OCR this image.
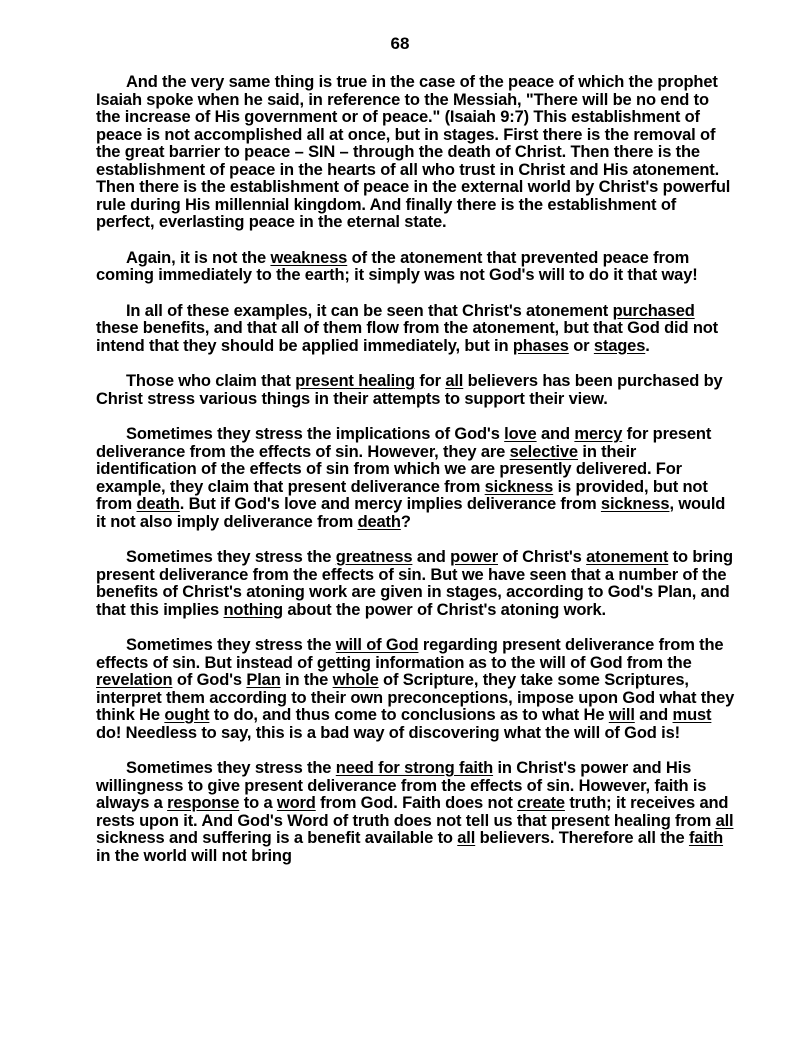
68

And the very same thing is true in the case of the peace of which the prophet Isaiah spoke when he said, in reference to the Messiah, "There will be no end to the increase of His government or of peace." (Isaiah 9:7) This establishment of peace is not accomplished all at once, but in stages. First there is the removal of the great barrier to peace – SIN – through the death of Christ. Then there is the establishment of peace in the hearts of all who trust in Christ and His atonement. Then there is the establishment of peace in the external world by Christ's powerful rule during His millennial kingdom. And finally there is the establishment of perfect, everlasting peace in the eternal state.

Again, it is not the weakness of the atonement that prevented peace from coming immediately to the earth; it simply was not God's will to do it that way!

In all of these examples, it can be seen that Christ's atonement purchased these benefits, and that all of them flow from the atonement, but that God did not intend that they should be applied immediately, but in phases or stages.

Those who claim that present healing for all believers has been purchased by Christ stress various things in their attempts to support their view.

Sometimes they stress the implications of God's love and mercy for present deliverance from the effects of sin. However, they are selective in their identification of the effects of sin from which we are presently delivered. For example, they claim that present deliverance from sickness is provided, but not from death. But if God's love and mercy implies deliverance from sickness, would it not also imply deliverance from death?

Sometimes they stress the greatness and power of Christ's atonement to bring present deliverance from the effects of sin. But we have seen that a number of the benefits of Christ's atoning work are given in stages, according to God's Plan, and that this implies nothing about the power of Christ's atoning work.

Sometimes they stress the will of God regarding present deliverance from the effects of sin. But instead of getting information as to the will of God from the revelation of God's Plan in the whole of Scripture, they take some Scriptures, interpret them according to their own preconceptions, impose upon God what they think He ought to do, and thus come to conclusions as to what He will and must do! Needless to say, this is a bad way of discovering what the will of God is!

Sometimes they stress the need for strong faith in Christ's power and His willingness to give present deliverance from the effects of sin. However, faith is always a response to a word from God. Faith does not create truth; it receives and rests upon it. And God's Word of truth does not tell us that present healing from all sickness and suffering is a benefit available to all believers. Therefore all the faith in the world will not bring
